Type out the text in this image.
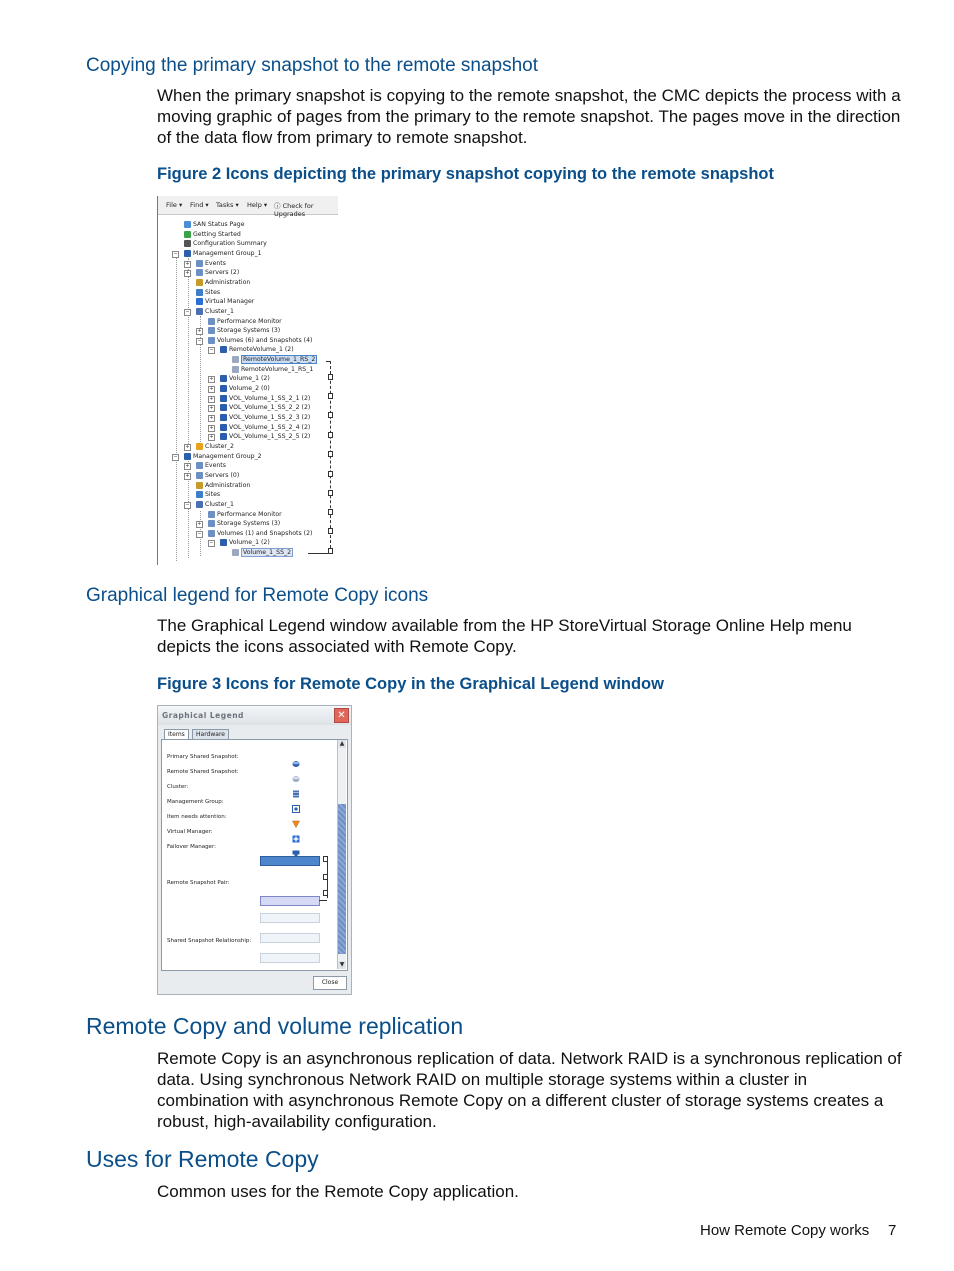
Copying the primary snapshot to the remote snapshot

When the primary snapshot is copying to the remote snapshot, the CMC depicts the process with a moving graphic of pages from the primary to the remote snapshot. The pages move in the direction of the data flow from primary to remote snapshot.

Figure 2 Icons depicting the primary snapshot copying to the remote snapshot

File ▾ Find ▾ Tasks ▾ Help ▾ ⓘ Check for Upgrades
SAN Status Page
Getting Started
Configuration Summary
−	Management Group_1
+	Events
+	Servers (2)
Administration
Sites
Virtual Manager
−	Cluster_1
Performance Monitor
+	Storage Systems (3)
−	Volumes (6) and Snapshots (4)
−	RemoteVolume_1 (2)
RemoteVolume_1_RS_2
RemoteVolume_1_RS_1
+	Volume_1 (2)
+	Volume_2 (0)
+	VOL_Volume_1_SS_2_1 (2)
+	VOL_Volume_1_SS_2_2 (2)
+	VOL_Volume_1_SS_2_3 (2)
+	VOL_Volume_1_SS_2_4 (2)
+	VOL_Volume_1_SS_2_5 (2)
+	Cluster_2
−	Management Group_2
+	Events
+	Servers (0)
Administration
Sites
−	Cluster_1
Performance Monitor
+	Storage Systems (3)
−	Volumes (1) and Snapshots (2)
−	Volume_1 (2)
Volume_1_SS_2
Graphical legend for Remote Copy icons

The Graphical Legend window available from the HP StoreVirtual Storage Online Help menu depicts the icons associated with Remote Copy.

Figure 3 Icons for Remote Copy in the Graphical Legend window

Graphical Legend	✕
Items	Hardware
Primary Shared Snapshot:
Remote Shared Snapshot:
Cluster:
Management Group:
Item needs attention:
Virtual Manager:
Failover Manager:
Remote Snapshot Pair:
Shared Snapshot Relationship:
▲
▼
Close
Remote Copy and volume replication

Remote Copy is an asynchronous replication of data. Network RAID is a synchronous replication of data. Using synchronous Network RAID on multiple storage systems within a cluster in combination with asynchronous Remote Copy on a different cluster of storage systems creates a robust, high-availability configuration.

Uses for Remote Copy

Common uses for the Remote Copy application.

How Remote Copy works 7
